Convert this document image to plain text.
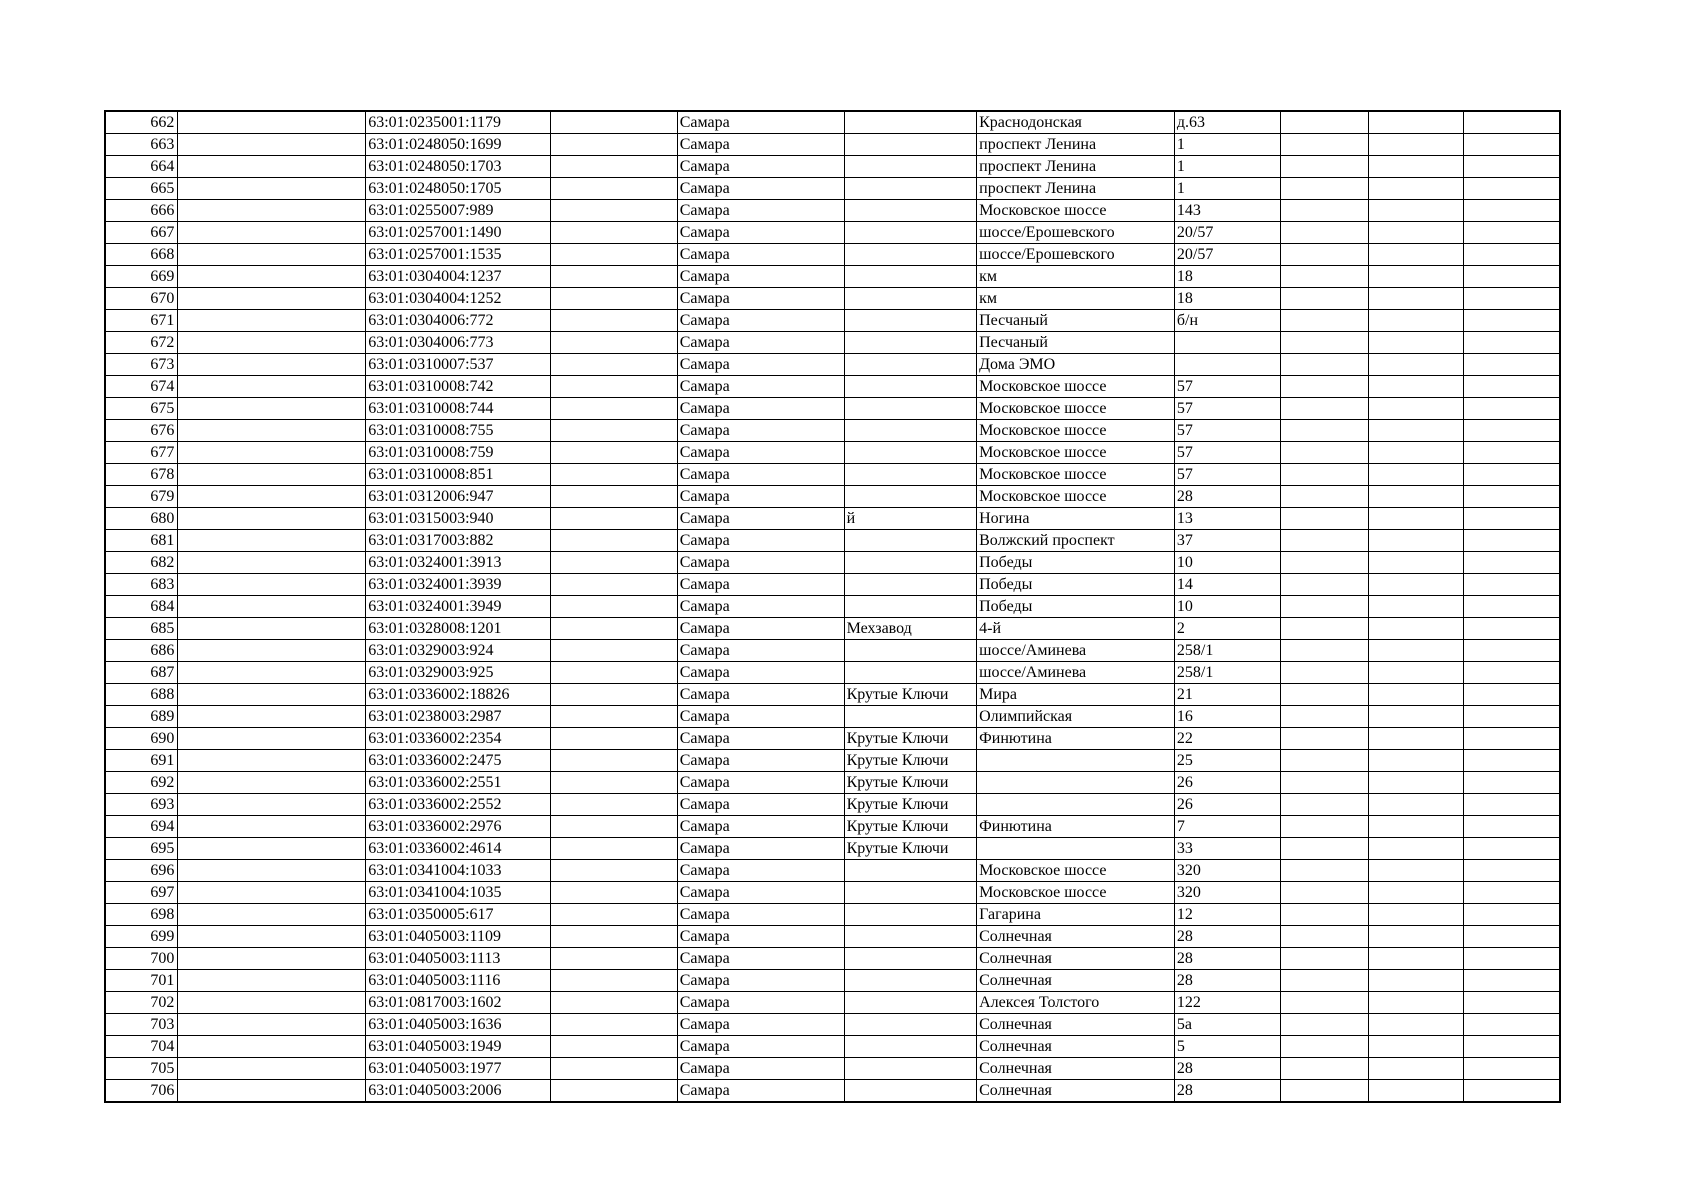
662		63:01:0235001:1179		Самара		Краснодонская	д.63			
663		63:01:0248050:1699		Самара		проспект Ленина	1			
664		63:01:0248050:1703		Самара		проспект Ленина	1			
665		63:01:0248050:1705		Самара		проспект Ленина	1			
666		63:01:0255007:989		Самара		Московское шоссе	143			
667		63:01:0257001:1490		Самара		шоссе/Ерошевского	20/57			
668		63:01:0257001:1535		Самара		шоссе/Ерошевского	20/57			
669		63:01:0304004:1237		Самара		км	18			
670		63:01:0304004:1252		Самара		км	18			
671		63:01:0304006:772		Самара		Песчаный	б/н			
672		63:01:0304006:773		Самара		Песчаный				
673		63:01:0310007:537		Самара		Дома ЭМО				
674		63:01:0310008:742		Самара		Московское шоссе	57			
675		63:01:0310008:744		Самара		Московское шоссе	57			
676		63:01:0310008:755		Самара		Московское шоссе	57			
677		63:01:0310008:759		Самара		Московское шоссе	57			
678		63:01:0310008:851		Самара		Московское шоссе	57			
679		63:01:0312006:947		Самара		Московское шоссе	28			
680		63:01:0315003:940		Самара	й	Ногина	13			
681		63:01:0317003:882		Самара		Волжский проспект	37			
682		63:01:0324001:3913		Самара		Победы	10			
683		63:01:0324001:3939		Самара		Победы	14			
684		63:01:0324001:3949		Самара		Победы	10			
685		63:01:0328008:1201		Самара	Мехзавод	4-й	2			
686		63:01:0329003:924		Самара		шоссе/Аминева	258/1			
687		63:01:0329003:925		Самара		шоссе/Аминева	258/1			
688		63:01:0336002:18826		Самара	Крутые Ключи	Мира	21			
689		63:01:0238003:2987		Самара		Олимпийская	16			
690		63:01:0336002:2354		Самара	Крутые Ключи	Финютина	22			
691		63:01:0336002:2475		Самара	Крутые Ключи		25			
692		63:01:0336002:2551		Самара	Крутые Ключи		26			
693		63:01:0336002:2552		Самара	Крутые Ключи		26			
694		63:01:0336002:2976		Самара	Крутые Ключи	Финютина	7			
695		63:01:0336002:4614		Самара	Крутые Ключи		33			
696		63:01:0341004:1033		Самара		Московское шоссе	320			
697		63:01:0341004:1035		Самара		Московское шоссе	320			
698		63:01:0350005:617		Самара		Гагарина	12			
699		63:01:0405003:1109		Самара		Солнечная	28			
700		63:01:0405003:1113		Самара		Солнечная	28			
701		63:01:0405003:1116		Самара		Солнечная	28			
702		63:01:0817003:1602		Самара		Алексея Толстого	122			
703		63:01:0405003:1636		Самара		Солнечная	5а			
704		63:01:0405003:1949		Самара		Солнечная	5			
705		63:01:0405003:1977		Самара		Солнечная	28			
706		63:01:0405003:2006		Самара		Солнечная	28			
